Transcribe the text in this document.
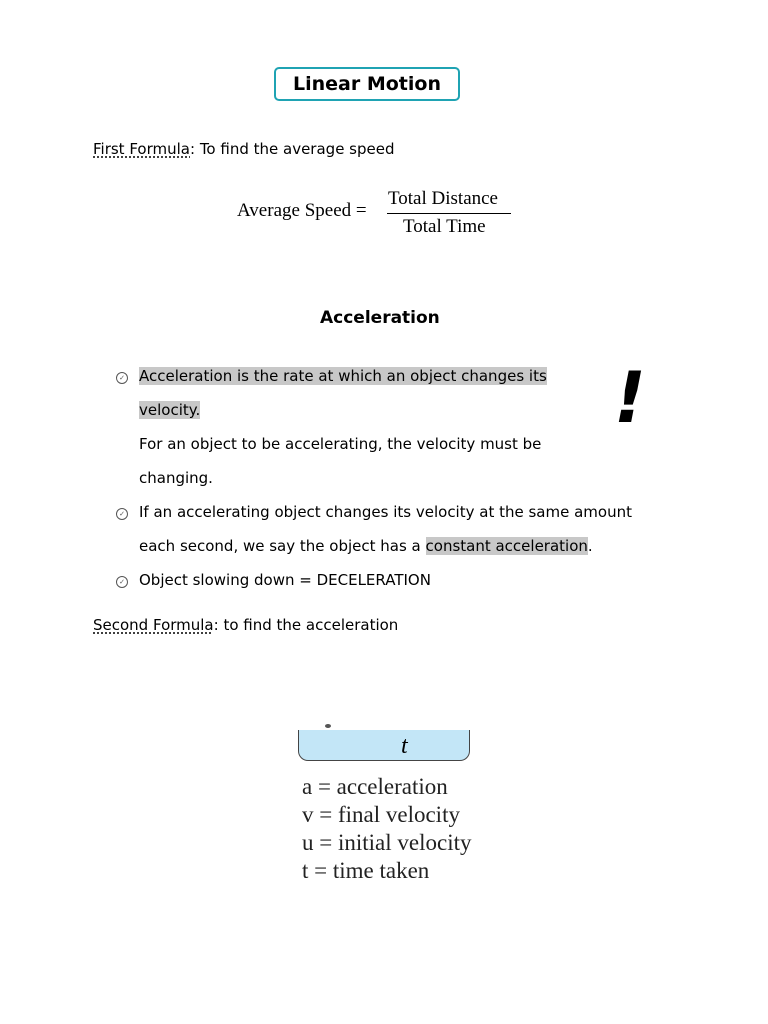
Linear Motion
First Formula: To find the average speed
Average Speed =
Total Distance
Total Time
Acceleration
✓ Acceleration is the rate at which an object changes its
velocity.
For an object to be accelerating, the velocity must be
changing.
!
✓ If an accelerating object changes its velocity at the same amount
each second, we say the object has a constant acceleration.
✓ Object slowing down = DECELERATION
Second Formula: to find the acceleration
t
a = acceleration
v = final velocity
u = initial velocity
t = time taken
